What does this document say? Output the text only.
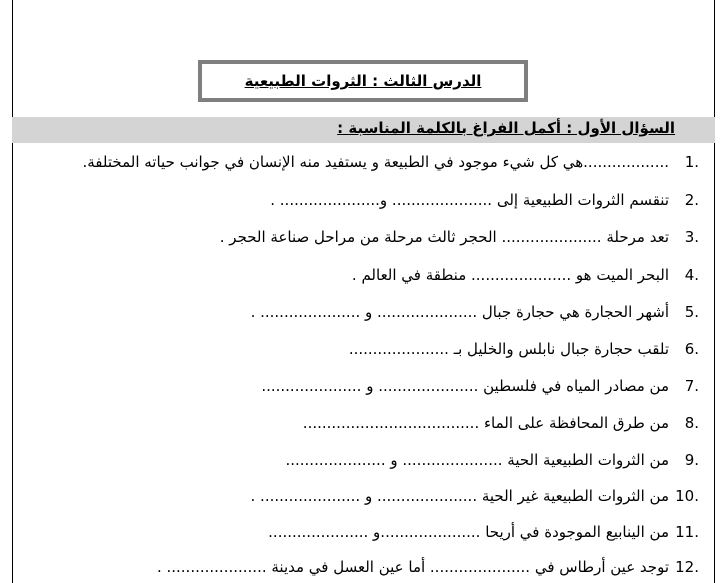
الدرس الثالث : الثروات الطبيعية
السؤال الأول : أكمل الفراغ بالكلمة المناسبة :
1.
..................هي كل شيء موجود في الطبيعة و يستفيد منه الإنسان في جوانب حياته المختلفة.
2.
تنقسم الثروات الطبيعية إلى ..................... و..................... .
3.
تعد مرحلة ..................... الحجر ثالث مرحلة من مراحل صناعة الحجر .
4.
البحر الميت هو ..................... منطقة في العالم .
5.
أشهر الحجارة هي حجارة جبال ..................... و ..................... .
6.
تلقب حجارة جبال نابلس والخليل بـ .....................
7.
من مصادر المياه في فلسطين ..................... و .....................
8.
من طرق المحافظة على الماء .....................................
9.
من الثروات الطبيعية الحية ..................... و .....................
10.
من الثروات الطبيعية غير الحية ..................... و ..................... .
11.
من الينابيع الموجودة في أريحا .....................و .....................
12.
توجد عين أرطاس في ..................... أما عين العسل في مدينة ..................... .
